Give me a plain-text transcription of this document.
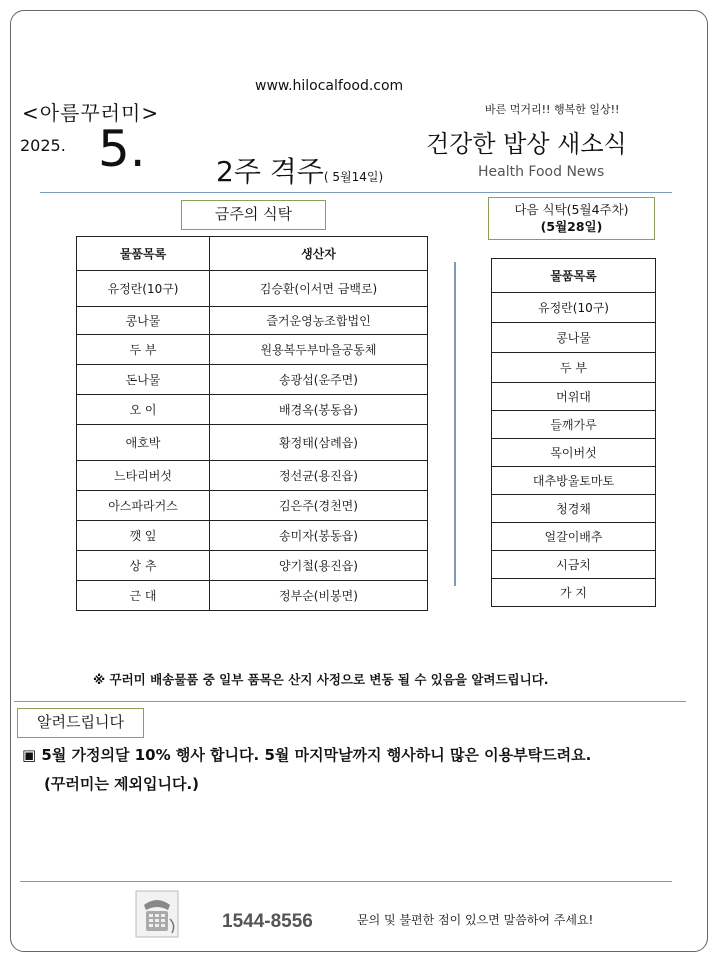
www.hilocalfood.com
<아름꾸러미>	바른 먹거리!! 행복한 일상!!
2025. 5.	건강한 밥상 새소식
2주 격주( 5월14일)	Health Food News
금주의 식탁	다음 식탁(5월4주차)
(5월28일)
물품목록	생산자
유정란(10구)	김승환(이서면 금백로)
콩나물	즐거운영농조합법인
두 부	원용복두부마을공동체
돈나물	송광섭(운주면)
오 이	배경옥(봉동읍)
애호박	황정태(삼례읍)
느타리버섯	정선균(용진읍)
아스파라거스	김은주(경천면)
깻 잎	송미자(봉동읍)
상 추	양기철(용진읍)
근 대	정부순(비봉면)
물품목록
유정란(10구)
콩나물
두 부
머위대
들깨가루
목이버섯
대추방울토마토
청경채
얼갈이배추
시금치
가 지
※ 꾸러미 배송물품 중 일부 품목은 산지 사정으로 변동 될 수 있음을 알려드립니다.
알려드립니다
▣ 5월 가정의달 10% 행사 합니다. 5월 마지막날까지 행사하니 많은 이용부탁드려요.
(꾸러미는 제외입니다.)
1544-8556	문의 및 불편한 점이 있으면 말씀하여 주세요!
